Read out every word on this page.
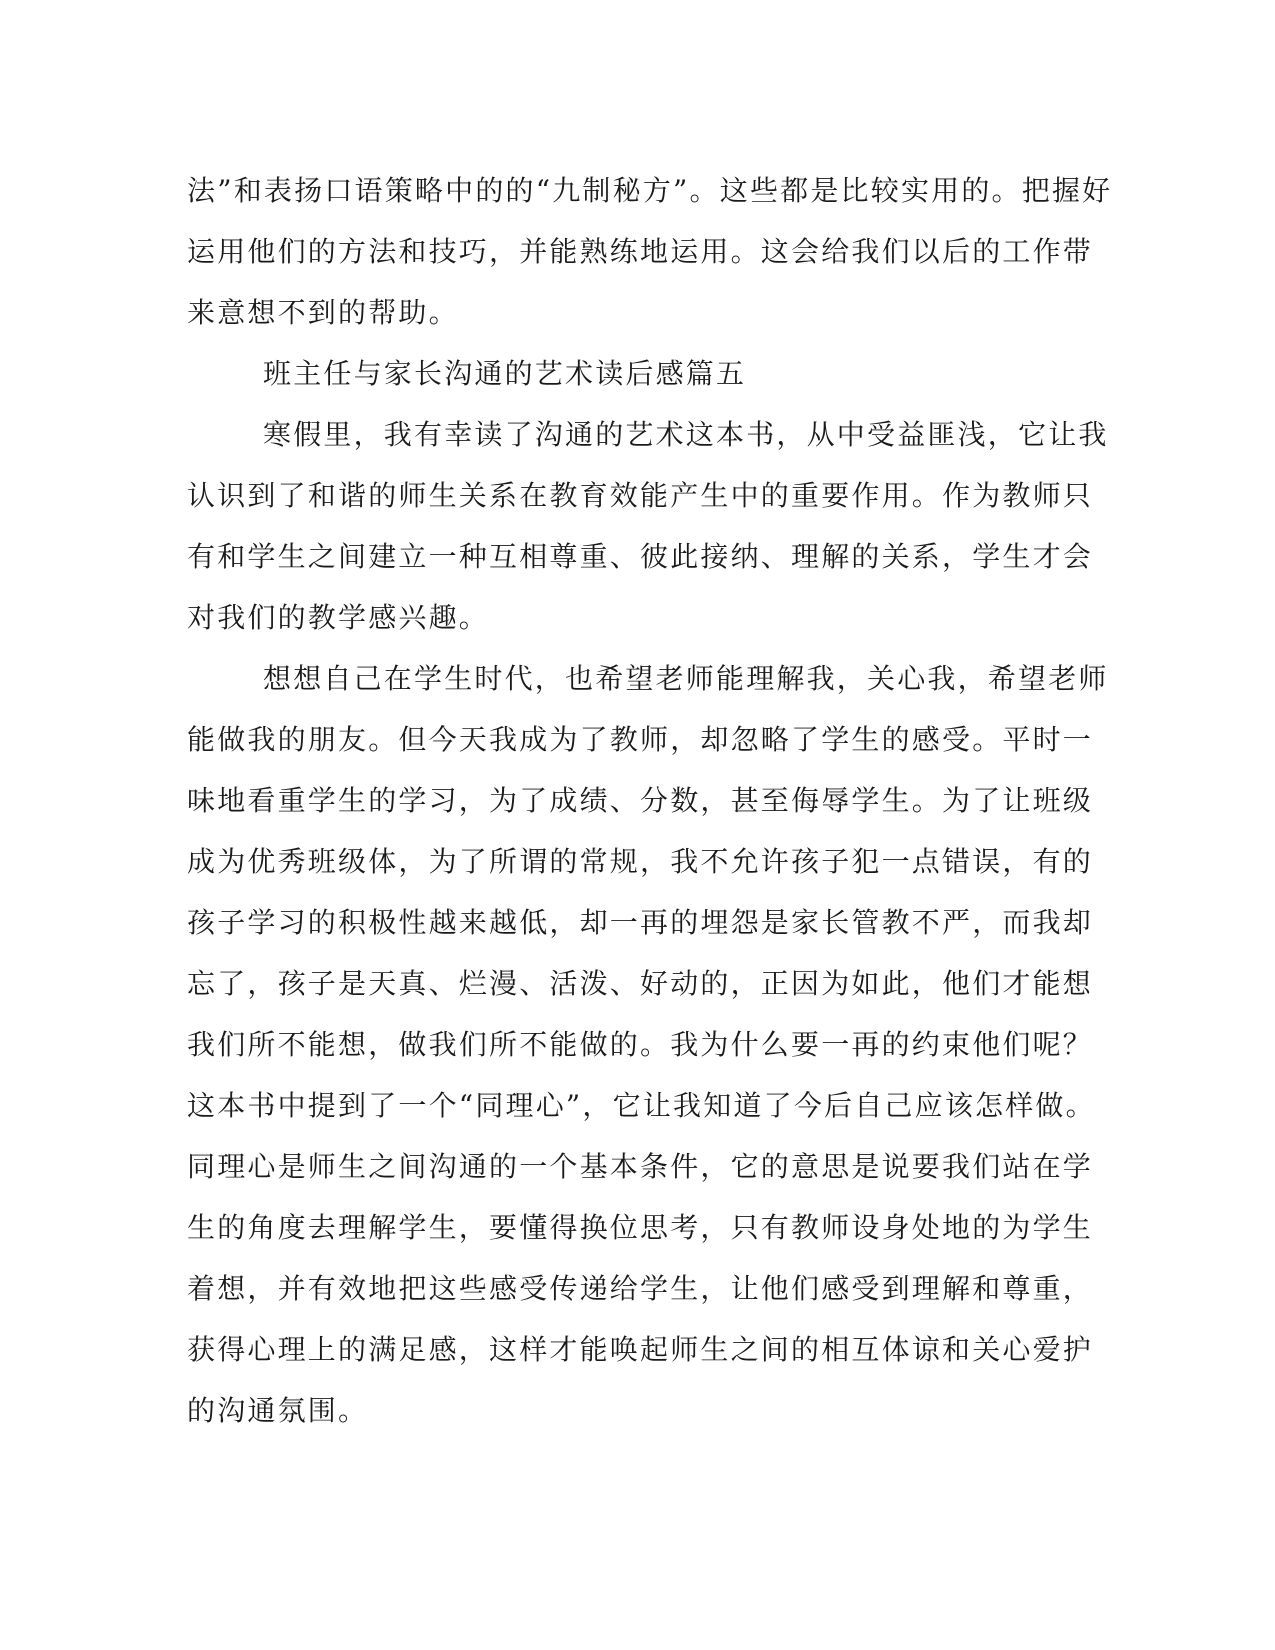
法”和表扬口语策略中的的“九制秘方”。这些都是比较实用的。把握好
运用他们的方法和技巧，并能熟练地运用。这会给我们以后的工作带
来意想不到的帮助。
班主任与家长沟通的艺术读后感篇五
寒假里，我有幸读了沟通的艺术这本书，从中受益匪浅，它让我
认识到了和谐的师生关系在教育效能产生中的重要作用。作为教师只
有和学生之间建立一种互相尊重、彼此接纳、理解的关系，学生才会
对我们的教学感兴趣。
想想自己在学生时代，也希望老师能理解我，关心我，希望老师
能做我的朋友。但今天我成为了教师，却忽略了学生的感受。平时一
味地看重学生的学习，为了成绩、分数，甚至侮辱学生。为了让班级
成为优秀班级体，为了所谓的常规，我不允许孩子犯一点错误，有的
孩子学习的积极性越来越低，却一再的埋怨是家长管教不严，而我却
忘了，孩子是天真、烂漫、活泼、好动的，正因为如此，他们才能想
我们所不能想，做我们所不能做的。我为什么要一再的约束他们呢？
这本书中提到了一个“同理心”，它让我知道了今后自己应该怎样做。
同理心是师生之间沟通的一个基本条件，它的意思是说要我们站在学
生的角度去理解学生，要懂得换位思考，只有教师设身处地的为学生
着想，并有效地把这些感受传递给学生，让他们感受到理解和尊重，
获得心理上的满足感，这样才能唤起师生之间的相互体谅和关心爱护
的沟通氛围。
